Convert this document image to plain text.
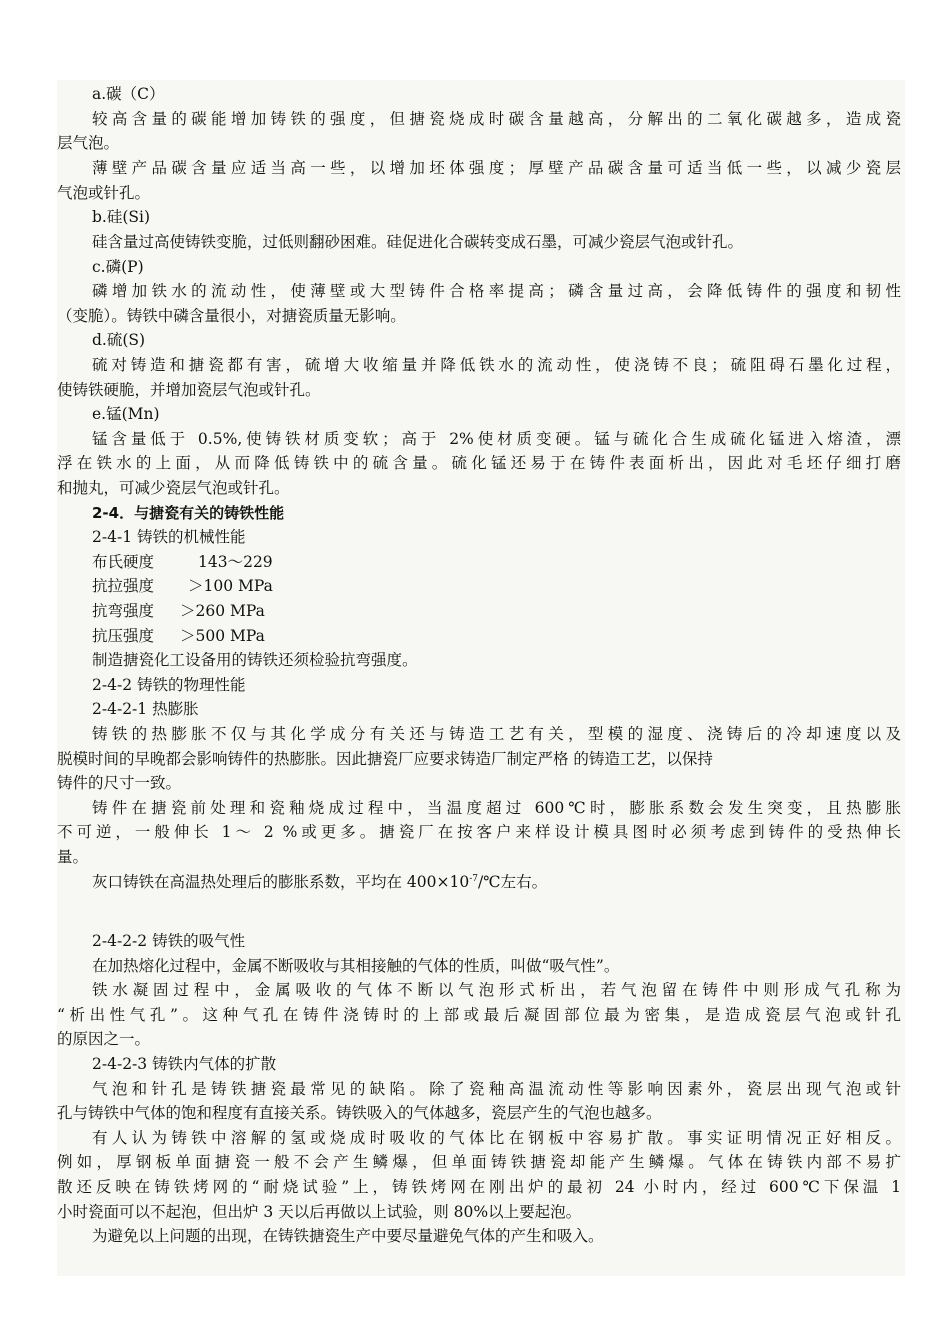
a.碳（C）
较高含量的碳能增加铸铁的强度，但搪瓷烧成时碳含量越高，分解出的二氧化碳越多，造成瓷
层气泡。
薄壁产品碳含量应适当高一些，以增加坯体强度；厚壁产品碳含量可适当低一些，以减少瓷层
气泡或针孔。
b.硅(Si)
硅含量过高使铸铁变脆，过低则翻砂困难。硅促进化合碳转变成石墨，可减少瓷层气泡或针孔。
c.磷(P)
磷增加铁水的流动性，使薄壁或大型铸件合格率提高；磷含量过高，会降低铸件的强度和韧性
（变脆）。铸铁中磷含量很小，对搪瓷质量无影响。
d.硫(S)
硫对铸造和搪瓷都有害，硫增大收缩量并降低铁水的流动性，使浇铸不良；硫阻碍石墨化过程，
使铸铁硬脆，并增加瓷层气泡或针孔。
e.锰(Mn)
锰含量低于 0.5%,使铸铁材质变软；高于 2%使材质变硬。锰与硫化合生成硫化锰进入熔渣，漂
浮在铁水的上面，从而降低铸铁中的硫含量。硫化锰还易于在铸件表面析出，因此对毛坯仔细打磨
和抛丸，可减少瓷层气泡或针孔。
2-4．与搪瓷有关的铸铁性能
2-4-1 铸铁的机械性能
布氏硬度	143～229
抗拉强度 ＞100 MPa
抗弯强度 ＞260 MPa
抗压强度 ＞500 MPa
制造搪瓷化工设备用的铸铁还须检验抗弯强度。
2-4-2 铸铁的物理性能
2-4-2-1 热膨胀
铸铁的热膨胀不仅与其化学成分有关还与铸造工艺有关，型模的湿度、浇铸后的冷却速度以及
脱模时间的早晚都会影响铸件的热膨胀。因此搪瓷厂应要求铸造厂制定严格 的铸造工艺，以保持
铸件的尺寸一致。
铸件在搪瓷前处理和瓷釉烧成过程中，当温度超过 600℃时，膨胀系数会发生突变，且热膨胀
不可逆，一般伸长 1～ 2 %或更多。搪瓷厂在按客户来样设计模具图时必须考虑到铸件的受热伸长
量。
灰口铸铁在高温热处理后的膨胀系数，平均在 $400\times 10^{-7}/℃$左右。
2-4-2-2 铸铁的吸气性
在加热熔化过程中，金属不断吸收与其相接触的气体的性质，叫做“吸气性”。
铁水凝固过程中，金属吸收的气体不断以气泡形式析出，若气泡留在铸件中则形成气孔称为
“析出性气孔”。这种气孔在铸件浇铸时的上部或最后凝固部位最为密集，是造成瓷层气泡或针孔
的原因之一。
2-4-2-3 铸铁内气体的扩散
气泡和针孔是铸铁搪瓷最常见的缺陷。除了瓷釉高温流动性等影响因素外，瓷层出现气泡或针
孔与铸铁中气体的饱和程度有直接关系。铸铁吸入的气体越多，瓷层产生的气泡也越多。
有人认为铸铁中溶解的氢或烧成时吸收的气体比在钢板中容易扩散。事实证明情况正好相反。
例如，厚钢板单面搪瓷一般不会产生鳞爆，但单面铸铁搪瓷却能产生鳞爆。气体在铸铁内部不易扩
散还反映在铸铁烤网的“耐烧试验”上，铸铁烤网在刚出炉的最初 24 小时内，经过 600℃下保温 1
小时瓷面可以不起泡，但出炉 3 天以后再做以上试验，则 80%以上要起泡。
为避免以上问题的出现，在铸铁搪瓷生产中要尽量避免气体的产生和吸入。
